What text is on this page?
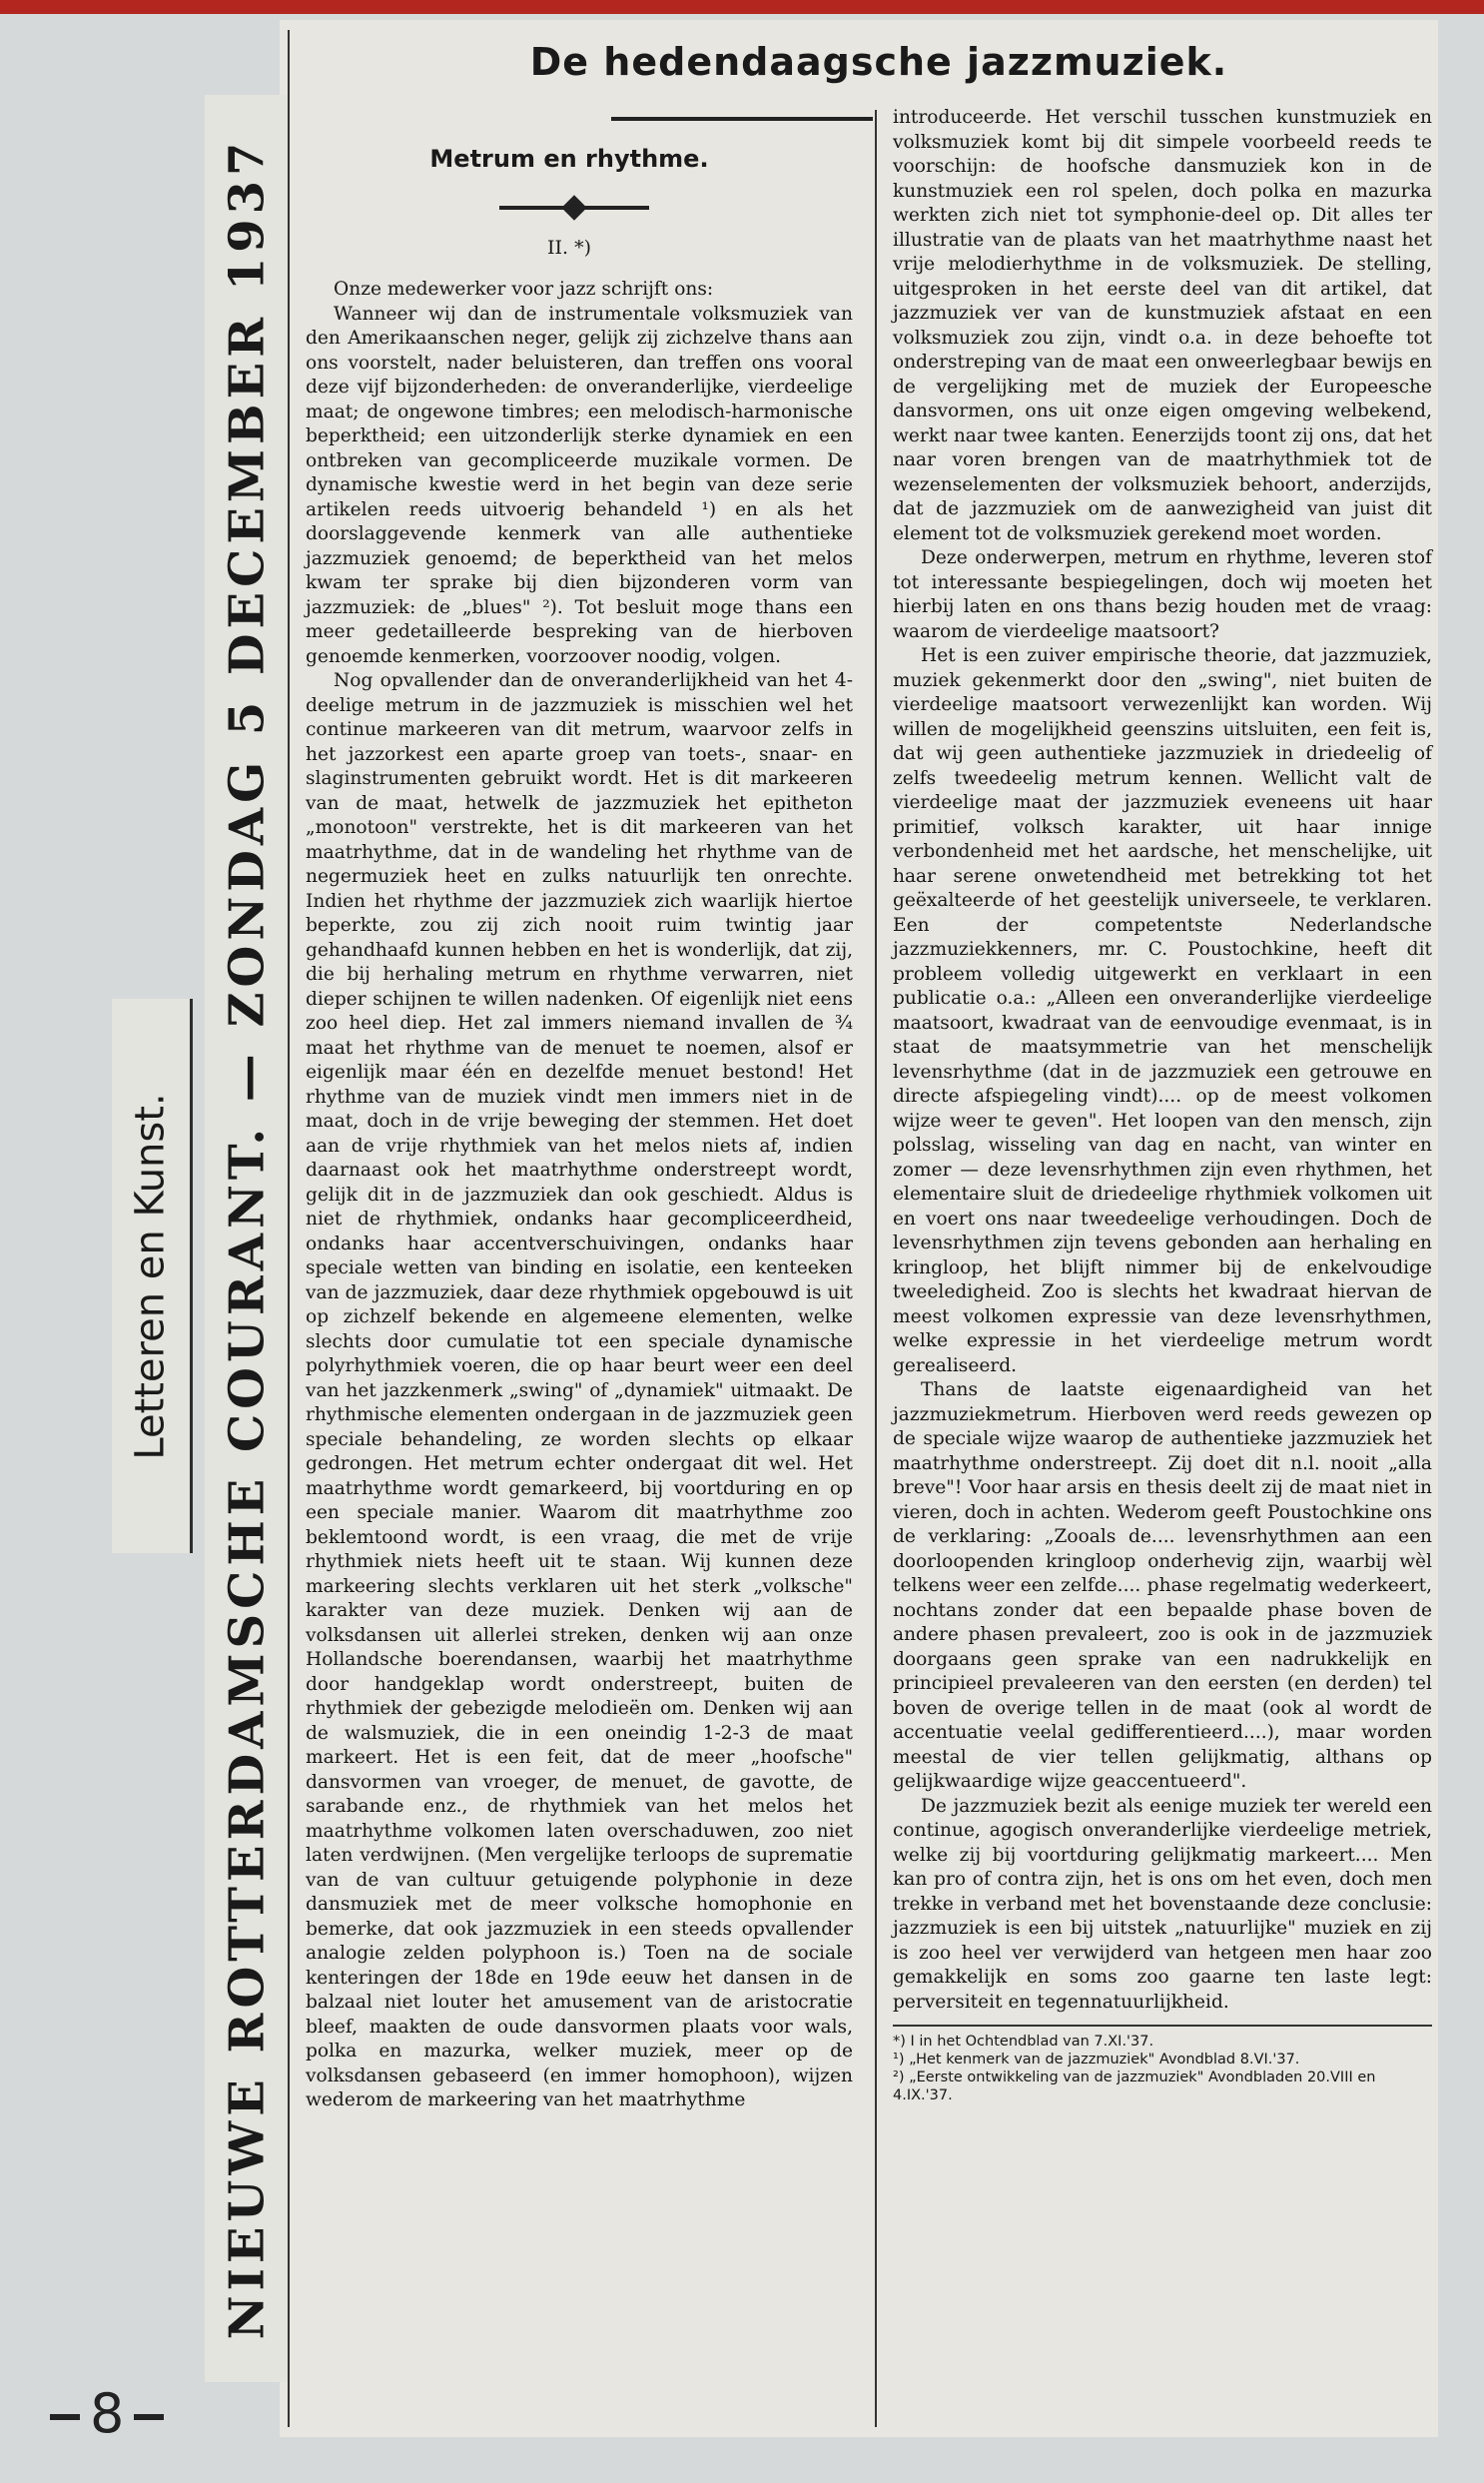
NIEUWE ROTTERDAMSCHE COURANT. — ZONDAG 5 DECEMBER 1937
Letteren en Kunst.
8
De hedendaagsche jazzmuziek.
Metrum en rhythme.
II. *)

Onze medewerker voor jazz schrijft ons:

Wanneer wij dan de instrumentale volksmuziek van den Amerikaanschen neger, gelijk zij zichzelve thans aan ons voorstelt, nader beluisteren, dan treffen ons vooral deze vijf bijzonderheden: de onveranderlijke, vierdeelige maat; de ongewone timbres; een melodisch-harmonische beperktheid; een uitzonderlijk sterke dynamiek en een ontbreken van gecompliceerde muzikale vormen. De dynamische kwestie werd in het begin van deze serie artikelen reeds uitvoerig behandeld ¹) en als het doorslaggevende kenmerk van alle authentieke jazzmuziek genoemd; de beperktheid van het melos kwam ter sprake bij dien bijzonderen vorm van jazzmuziek: de „blues" ²). Tot besluit moge thans een meer gedetailleerde bespreking van de hierboven genoemde kenmerken, voorzoover noodig, volgen.

Nog opvallender dan de onveranderlijkheid van het 4-deelige metrum in de jazzmuziek is misschien wel het continue markeeren van dit metrum, waarvoor zelfs in het jazzorkest een aparte groep van toets-, snaar- en slaginstrumenten gebruikt wordt. Het is dit markeeren van de maat, hetwelk de jazzmuziek het epitheton „monotoon" verstrekte, het is dit markeeren van het maatrhythme, dat in de wandeling het rhythme van de negermuziek heet en zulks natuurlijk ten onrechte. Indien het rhythme der jazzmuziek zich waarlijk hiertoe beperkte, zou zij zich nooit ruim twintig jaar gehandhaafd kunnen hebben en het is wonderlijk, dat zij, die bij herhaling metrum en rhythme verwarren, niet dieper schijnen te willen nadenken. Of eigenlijk niet eens zoo heel diep. Het zal immers niemand invallen de ¾ maat het rhythme van de menuet te noemen, alsof er eigenlijk maar één en dezelfde menuet bestond! Het rhythme van de muziek vindt men immers niet in de maat, doch in de vrije beweging der stemmen. Het doet aan de vrije rhythmiek van het melos niets af, indien daarnaast ook het maatrhythme onderstreept wordt, gelijk dit in de jazzmuziek dan ook geschiedt. Aldus is niet de rhythmiek, ondanks haar gecompliceerdheid, ondanks haar accentverschuivingen, ondanks haar speciale wetten van binding en isolatie, een kenteeken van de jazzmuziek, daar deze rhythmiek opgebouwd is uit op zichzelf bekende en algemeene elementen, welke slechts door cumulatie tot een speciale dynamische polyrhythmiek voeren, die op haar beurt weer een deel van het jazzkenmerk „swing" of „dynamiek" uitmaakt. De rhythmische elementen ondergaan in de jazzmuziek geen speciale behandeling, ze worden slechts op elkaar gedrongen. Het metrum echter ondergaat dit wel. Het maatrhythme wordt gemarkeerd, bij voortduring en op een speciale manier. Waarom dit maatrhythme zoo beklemtoond wordt, is een vraag, die met de vrije rhythmiek niets heeft uit te staan. Wij kunnen deze markeering slechts verklaren uit het sterk „volksche" karakter van deze muziek. Denken wij aan de volksdansen uit allerlei streken, denken wij aan onze Hollandsche boerendansen, waarbij het maatrhythme door handgeklap wordt onderstreept, buiten de rhythmiek der gebezigde melodieën om. Denken wij aan de walsmuziek, die in een oneindig 1-2-3 de maat markeert. Het is een feit, dat de meer „hoofsche" dansvormen van vroeger, de menuet, de gavotte, de sarabande enz., de rhythmiek van het melos het maatrhythme volkomen laten overschaduwen, zoo niet laten verdwijnen. (Men vergelijke terloops de suprematie van de van cultuur getuigende polyphonie in deze dansmuziek met de meer volksche homophonie en bemerke, dat ook jazzmuziek in een steeds opvallender analogie zelden polyphoon is.) Toen na de sociale kenteringen der 18de en 19de eeuw het dansen in de balzaal niet louter het amusement van de aristocratie bleef, maakten de oude dansvormen plaats voor wals, polka en mazurka, welker muziek, meer op de volksdansen gebaseerd (en immer homophoon), wijzen wederom de markeering van het maatrhythme

introduceerde. Het verschil tusschen kunstmuziek en volksmuziek komt bij dit simpele voorbeeld reeds te voorschijn: de hoofsche dansmuziek kon in de kunstmuziek een rol spelen, doch polka en mazurka werkten zich niet tot symphonie-deel op. Dit alles ter illustratie van de plaats van het maatrhythme naast het vrije melodierhythme in de volksmuziek. De stelling, uitgesproken in het eerste deel van dit artikel, dat jazzmuziek ver van de kunstmuziek afstaat en een volksmuziek zou zijn, vindt o.a. in deze behoefte tot onderstreping van de maat een onweerlegbaar bewijs en de vergelijking met de muziek der Europeesche dansvormen, ons uit onze eigen omgeving welbekend, werkt naar twee kanten. Eenerzijds toont zij ons, dat het naar voren brengen van de maatrhythmiek tot de wezenselementen der volksmuziek behoort, anderzijds, dat de jazzmuziek om de aanwezigheid van juist dit element tot de volksmuziek gerekend moet worden.

Deze onderwerpen, metrum en rhythme, leveren stof tot interessante bespiegelingen, doch wij moeten het hierbij laten en ons thans bezig houden met de vraag: waarom de vierdeelige maatsoort?

Het is een zuiver empirische theorie, dat jazzmuziek, muziek gekenmerkt door den „swing", niet buiten de vierdeelige maatsoort verwezenlijkt kan worden. Wij willen de mogelijkheid geenszins uitsluiten, een feit is, dat wij geen authentieke jazzmuziek in driedeelig of zelfs tweedeelig metrum kennen. Wellicht valt de vierdeelige maat der jazzmuziek eveneens uit haar primitief, volksch karakter, uit haar innige verbondenheid met het aardsche, het menschelijke, uit haar serene onwetendheid met betrekking tot het geëxalteerde of het geestelijk universeele, te verklaren. Een der competentste Nederlandsche jazzmuziekkenners, mr. C. Poustochkine, heeft dit probleem volledig uitgewerkt en verklaart in een publicatie o.a.: „Alleen een onveranderlijke vierdeelige maatsoort, kwadraat van de eenvoudige evenmaat, is in staat de maatsymmetrie van het menschelijk levensrhythme (dat in de jazzmuziek een getrouwe en directe afspiegeling vindt).... op de meest volkomen wijze weer te geven". Het loopen van den mensch, zijn polsslag, wisseling van dag en nacht, van winter en zomer — deze levensrhythmen zijn even rhythmen, het elementaire sluit de driedeelige rhythmiek volkomen uit en voert ons naar tweedeelige verhoudingen. Doch de levensrhythmen zijn tevens gebonden aan herhaling en kringloop, het blijft nimmer bij de enkelvoudige tweeledigheid. Zoo is slechts het kwadraat hiervan de meest volkomen expressie van deze levensrhythmen, welke expressie in het vierdeelige metrum wordt gerealiseerd.

Thans de laatste eigenaardigheid van het jazzmuziekmetrum. Hierboven werd reeds gewezen op de speciale wijze waarop de authentieke jazzmuziek het maatrhythme onderstreept. Zij doet dit n.l. nooit „alla breve"! Voor haar arsis en thesis deelt zij de maat niet in vieren, doch in achten. Wederom geeft Poustochkine ons de verklaring: „Zooals de.... levensrhythmen aan een doorloopenden kringloop onderhevig zijn, waarbij wèl telkens weer een zelfde.... phase regelmatig wederkeert, nochtans zonder dat een bepaalde phase boven de andere phasen prevaleert, zoo is ook in de jazzmuziek doorgaans geen sprake van een nadrukkelijk en principieel prevaleeren van den eersten (en derden) tel boven de overige tellen in de maat (ook al wordt de accentuatie veelal gedifferentieerd....), maar worden meestal de vier tellen gelijkmatig, althans op gelijkwaardige wijze geaccentueerd".

De jazzmuziek bezit als eenige muziek ter wereld een continue, agogisch onveranderlijke vierdeelige metriek, welke zij bij voortduring gelijkmatig markeert.... Men kan pro of contra zijn, het is ons om het even, doch men trekke in verband met het bovenstaande deze conclusie: jazzmuziek is een bij uitstek „natuurlijke" muziek en zij is zoo heel ver verwijderd van hetgeen men haar zoo gemakkelijk en soms zoo gaarne ten laste legt: perversiteit en tegennatuurlijkheid.

*) I in het Ochtendblad van 7.XI.'37.
¹) „Het kenmerk van de jazzmuziek" Avondblad 8.VI.'37.
²) „Eerste ontwikkeling van de jazzmuziek" Avondbladen 20.VIII en 4.IX.'37.
